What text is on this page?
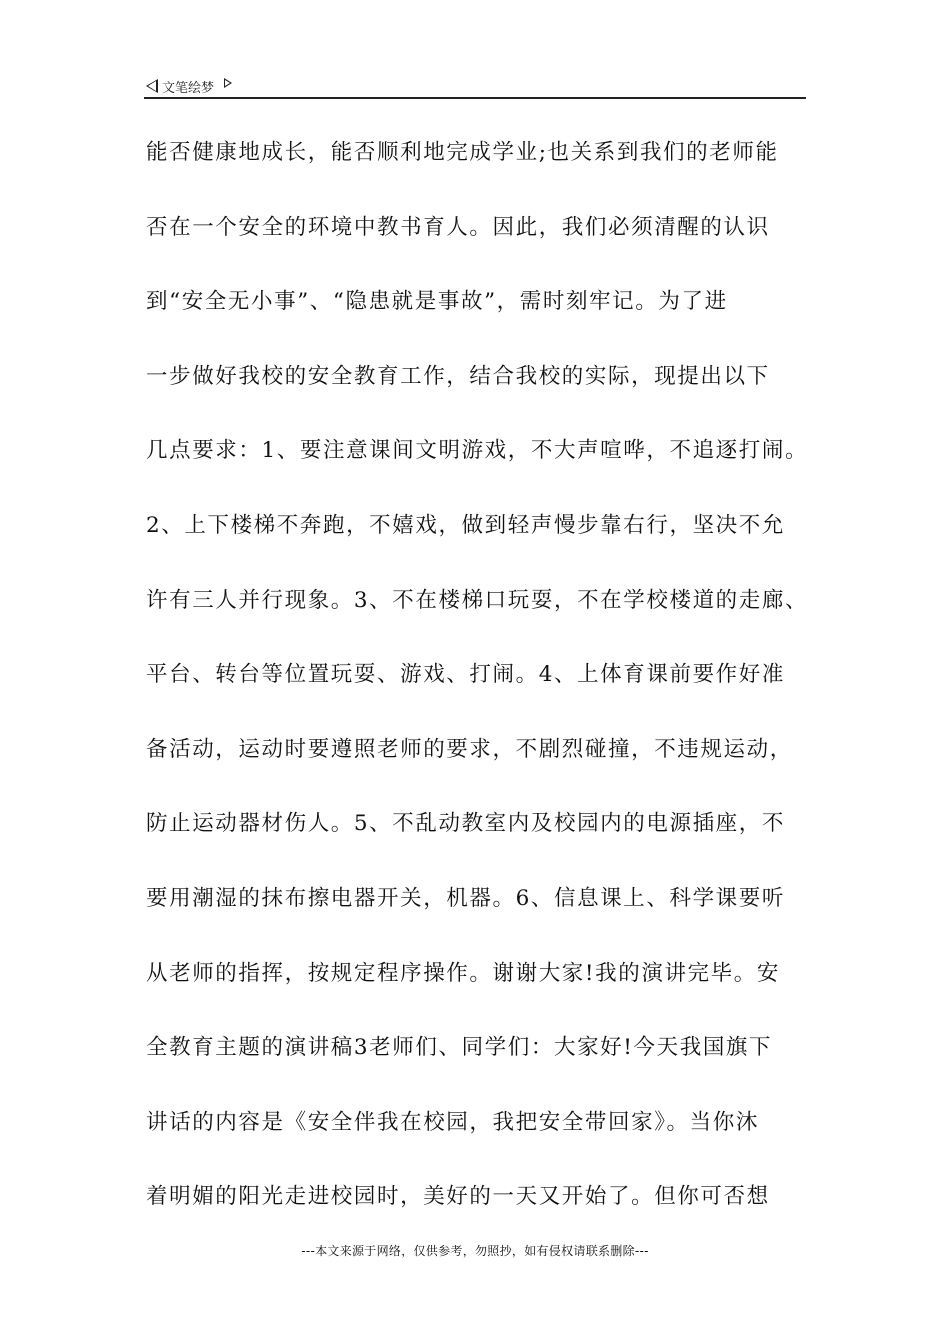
文笔绘梦
能否健康地成长，能否顺利地完成学业;也关系到我们的老师能
否在一个安全的环境中教书育人。因此，我们必须清醒的认识
到“安全无小事”、“隐患就是事故”，需时刻牢记。为了进
一步做好我校的安全教育工作，结合我校的实际，现提出以下
几点要求：1、要注意课间文明游戏，不大声喧哗，不追逐打闹。
2、上下楼梯不奔跑，不嬉戏，做到轻声慢步靠右行，坚决不允
许有三人并行现象。3、不在楼梯口玩耍，不在学校楼道的走廊、
平台、转台等位置玩耍、游戏、打闹。4、上体育课前要作好准
备活动，运动时要遵照老师的要求，不剧烈碰撞，不违规运动，
防止运动器材伤人。5、不乱动教室内及校园内的电源插座，不
要用潮湿的抹布擦电器开关，机器。6、信息课上、科学课要听
从老师的指挥，按规定程序操作。谢谢大家!我的演讲完毕。安
全教育主题的演讲稿3老师们、同学们：大家好!今天我国旗下
讲话的内容是《安全伴我在校园，我把安全带回家》。当你沐
着明媚的阳光走进校园时，美好的一天又开始了。但你可否想
---本文来源于网络，仅供参考，勿照抄，如有侵权请联系删除---
